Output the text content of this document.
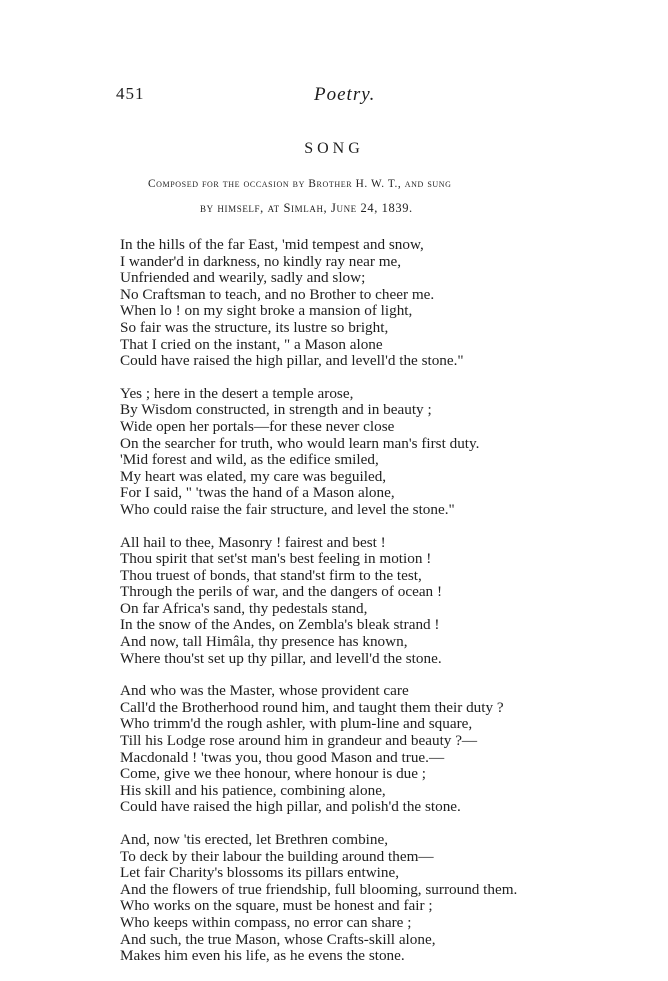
451	Poetry.
SONG
Composed for the occasion by Brother H. W. T., and sung
by himself, at Simlah, June 24, 1839.
In the hills of the far East, 'mid tempest and snow,
I wander'd in darkness, no kindly ray near me,
Unfriended and wearily, sadly and slow;
No Craftsman to teach, and no Brother to cheer me.
When lo ! on my sight broke a mansion of light,
So fair was the structure, its lustre so bright,
That I cried on the instant, " a Mason alone
Could have raised the high pillar, and levell'd the stone."
Yes ; here in the desert a temple arose,
By Wisdom constructed, in strength and in beauty ;
Wide open her portals—for these never close
On the searcher for truth, who would learn man's first duty.
'Mid forest and wild, as the edifice smiled,
My heart was elated, my care was beguiled,
For I said, " 'twas the hand of a Mason alone,
Who could raise the fair structure, and level the stone."
All hail to thee, Masonry ! fairest and best !
Thou spirit that set'st man's best feeling in motion !
Thou truest of bonds, that stand'st firm to the test,
Through the perils of war, and the dangers of ocean !
On far Africa's sand, thy pedestals stand,
In the snow of the Andes, on Zembla's bleak strand !
And now, tall Himâla, thy presence has known,
Where thou'st set up thy pillar, and levell'd the stone.
And who was the Master, whose provident care
Call'd the Brotherhood round him, and taught them their duty ?
Who trimm'd the rough ashler, with plum-line and square,
Till his Lodge rose around him in grandeur and beauty ?—
Macdonald ! 'twas you, thou good Mason and true.—
Come, give we thee honour, where honour is due ;
His skill and his patience, combining alone,
Could have raised the high pillar, and polish'd the stone.
And, now 'tis erected, let Brethren combine,
To deck by their labour the building around them—
Let fair Charity's blossoms its pillars entwine,
And the flowers of true friendship, full blooming, surround them.
Who works on the square, must be honest and fair ;
Who keeps within compass, no error can share ;
And such, the true Mason, whose Crafts-skill alone,
Makes him even his life, as he evens the stone.
